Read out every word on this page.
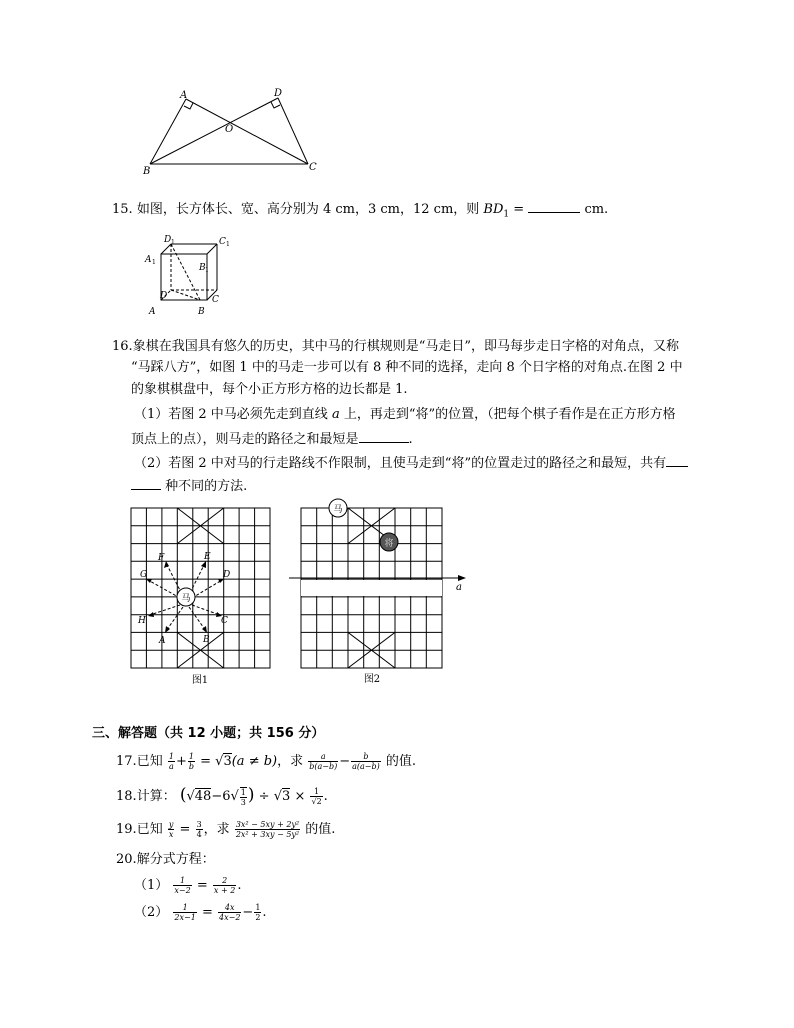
A	D
O
B	C
15. 如图，长方体长、宽、高分别为 4 cm，3 cm，12 cm，则 $BD_1$ =	cm.
D 1	C 1
A 1
B 1
D	C
A	B
16.象棋在我国具有悠久的历史，其中马的行棋规则是“马走日”，即马每步走日字格的对角点，又称
“马踩八方”，如图 1 中的马走一步可以有 8 种不同的选择，走向 8 个日字格的对角点.在图 2 中
的象棋棋盘中，每个小正方形方格的边长都是 1.
（1）若图 2 中马必须先走到直线 a 上，再走到“将”的位置，（把每个棋子看作是在正方形方格
顶点上的点），则马走的路径之和最短是	.
（2）若图 2 中对马的行走路线不作限制，且使马走到“将”的位置走过的路径之和最短，共有
种不同的方法.
马
F	E
G	D
H	C
A	B
图1
a
马
将
图2
三、解答题（共 12 小题；共 156 分）
17.已知 $\frac{1}{a} + \frac{1}{b} = √3(a \ne b)$，求 $\frac{a}{b(a-b)} - \frac{b}{a(a-b)}$ 的值.
18.计算： ($√48-6√ \frac{1}{3}$ ) ÷ $√3 \times \frac{1}{√2}$ .
19.已知 $\frac{y}{x} = \frac{3}{4}$ ，求 $\frac{\text{3x² − 5xy + 2y²}}{\text{2x² + 3xy − 5y²}}$ 的值.
20.解分式方程：
$(1) \frac{1}{x-2} = \frac{2}{x + 2}$ .
$(2) \frac{1}{2x-1} = \frac{4x}{4x-2} - \frac{1}{2}$ .
